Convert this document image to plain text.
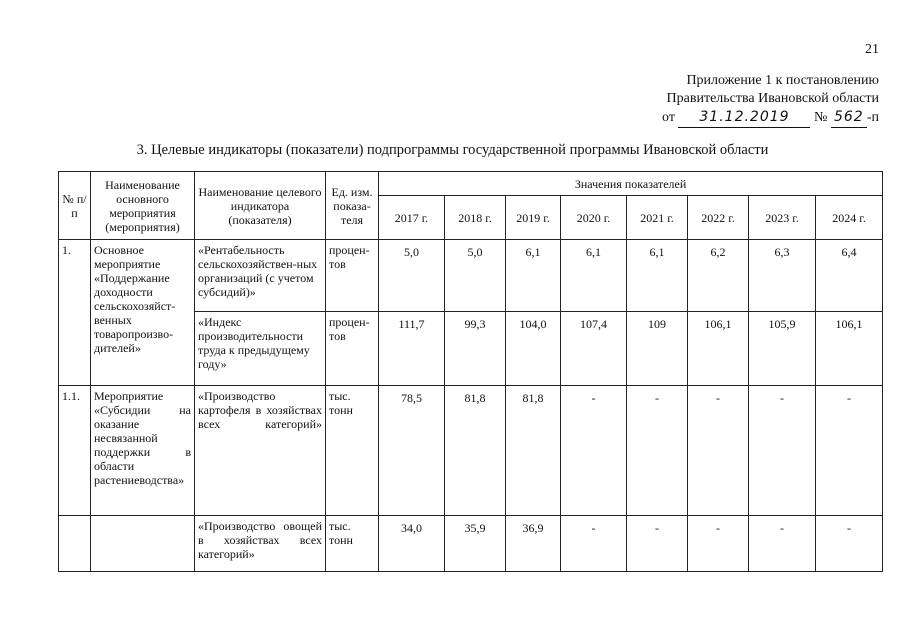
21
Приложение 1 к постановлению
Правительства Ивановской области
от 31.12.2019 № 562 -п
3. Целевые индикаторы (показатели) подпрограммы государственной программы Ивановской области
№ п/п	Наименование основного мероприятия (мероприятия)	Наименование целевого индикатора (показателя)	Ед. изм. показа-теля	Значения показателей							
				2017 г.	2018 г.	2019 г.	2020 г.	2021 г.	2022 г.	2023 г.	2024 г.
1.	Основное мероприятие «Поддержание доходности сельскохозяйст-венных товаропроизво-дителей»	«Рентабельность сельскохозяйствен-ных организаций (с учетом субсидий)»	процен-тов	5,0	5,0	6,1	6,1	6,1	6,2	6,3	6,4
		«Индекс производительности труда к предыдущему году»	процен-тов	111,7	99,3	104,0	107,4	109	106,1	105,9	106,1
1.1.	Мероприятие «Субсидии на оказание несвязанной поддержки в области растениеводства»	«Производство картофеля в хозяйствах всех категорий»	тыс. тонн	78,5	81,8	81,8	-	-	-	-	-
		«Производство овощей в хозяйствах всех категорий»	тыс. тонн	34,0	35,9	36,9	-	-	-	-	-
